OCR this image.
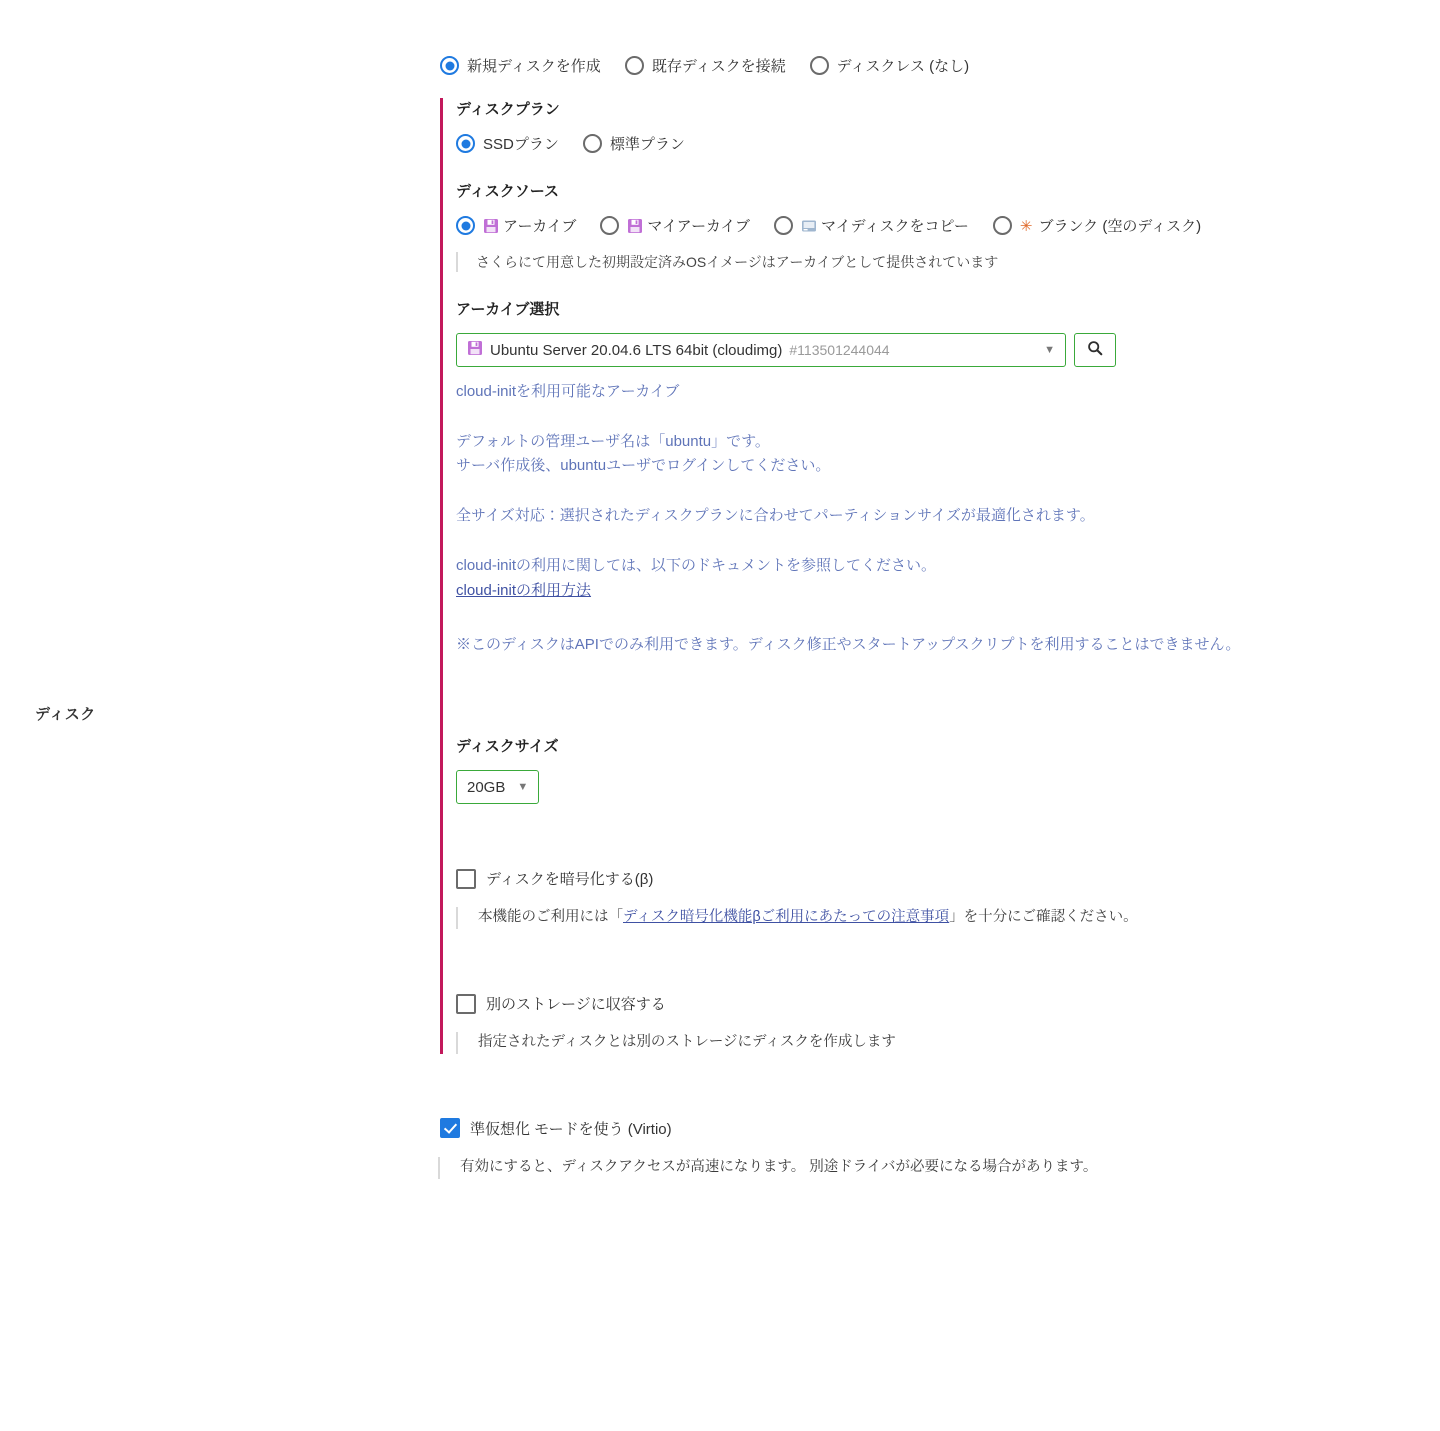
ディスク
新規ディスクを作成	既存ディスクを接続	ディスクレス (なし)
ディスクプラン
SSDプラン	標準プラン
ディスクソース
アーカイブ	マイアーカイブ	マイディスクをコピー	✳ ブランク (空のディスク)
さくらにて用意した初期設定済みOSイメージはアーカイブとして提供されています
アーカイブ選択
Ubuntu Server 20.04.6 LTS 64bit (cloudimg) #113501244044	▼
cloud-initを利用可能なアーカイブ
デフォルトの管理ユーザ名は「ubuntu」です。
サーバ作成後、ubuntuユーザでログインしてください。
全サイズ対応：選択されたディスクプランに合わせてパーティションサイズが最適化されます。
cloud-initの利用に関しては、以下のドキュメントを参照してください。
cloud-initの利用方法
※このディスクはAPIでのみ利用できます。ディスク修正やスタートアップスクリプトを利用することはできません。
ディスクサイズ
20GB ▼
ディスクを暗号化する(β)
本機能のご利用には「ディスク暗号化機能βご利用にあたっての注意事項」を十分にご確認ください。
別のストレージに収容する
指定されたディスクとは別のストレージにディスクを作成します
準仮想化 モードを使う (Virtio)
有効にすると、ディスクアクセスが高速になります。 別途ドライバが必要になる場合があります。
